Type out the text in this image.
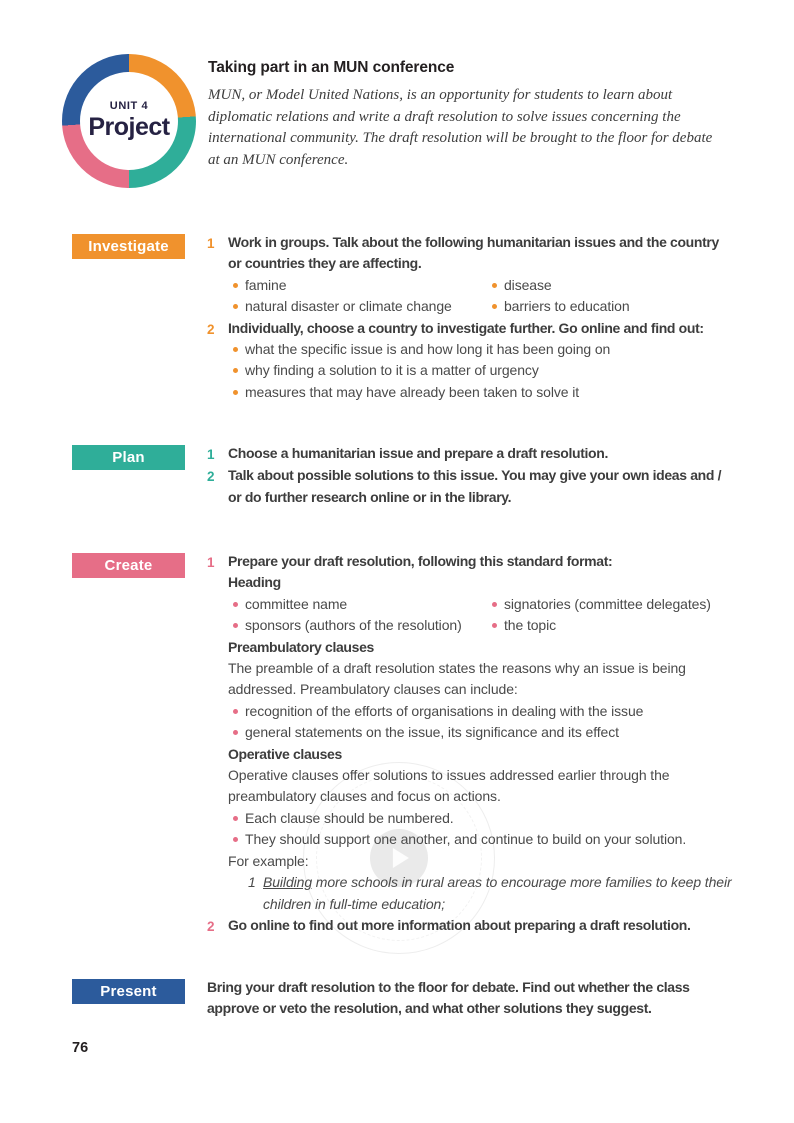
UNIT 4
Project
Taking part in an MUN conference

MUN, or Model United Nations, is an opportunity for students to learn about diplomatic relations and write a draft resolution to solve issues concerning the international community. The draft resolution will be brought to the floor for debate at an MUN conference.

Investigate	1 Work in groups. Talk about the following humanitarian issues and the country or countries they are affecting.
famine	disease
natural disaster or climate change	barriers to education
2 Individually, choose a country to investigate further. Go online and find out:
what the specific issue is and how long it has been going on
why finding a solution to it is a matter of urgency
measures that may have already been taken to solve it
Plan	1 Choose a humanitarian issue and prepare a draft resolution.
2 Talk about possible solutions to this issue. You may give your own ideas and / or do further research online or in the library.
Create	1 Prepare your draft resolution, following this standard format:
Heading
committee name	signatories (committee delegates)
sponsors (authors of the resolution)	the topic
Preambulatory clauses
The preamble of a draft resolution states the reasons why an issue is being addressed. Preambulatory clauses can include:
recognition of the efforts of organisations in dealing with the issue
general statements on the issue, its significance and its effect
Operative clauses
Operative clauses offer solutions to issues addressed earlier through the preambulatory clauses and focus on actions.
Each clause should be numbered.
They should support one another, and continue to build on your solution.
For example:
1 Building more schools in rural areas to encourage more families to keep their children in full-time education;
2 Go online to find out more information about preparing a draft resolution.
Present	Bring your draft resolution to the floor for debate. Find out whether the class approve or veto the resolution, and what other solutions they suggest.

76
